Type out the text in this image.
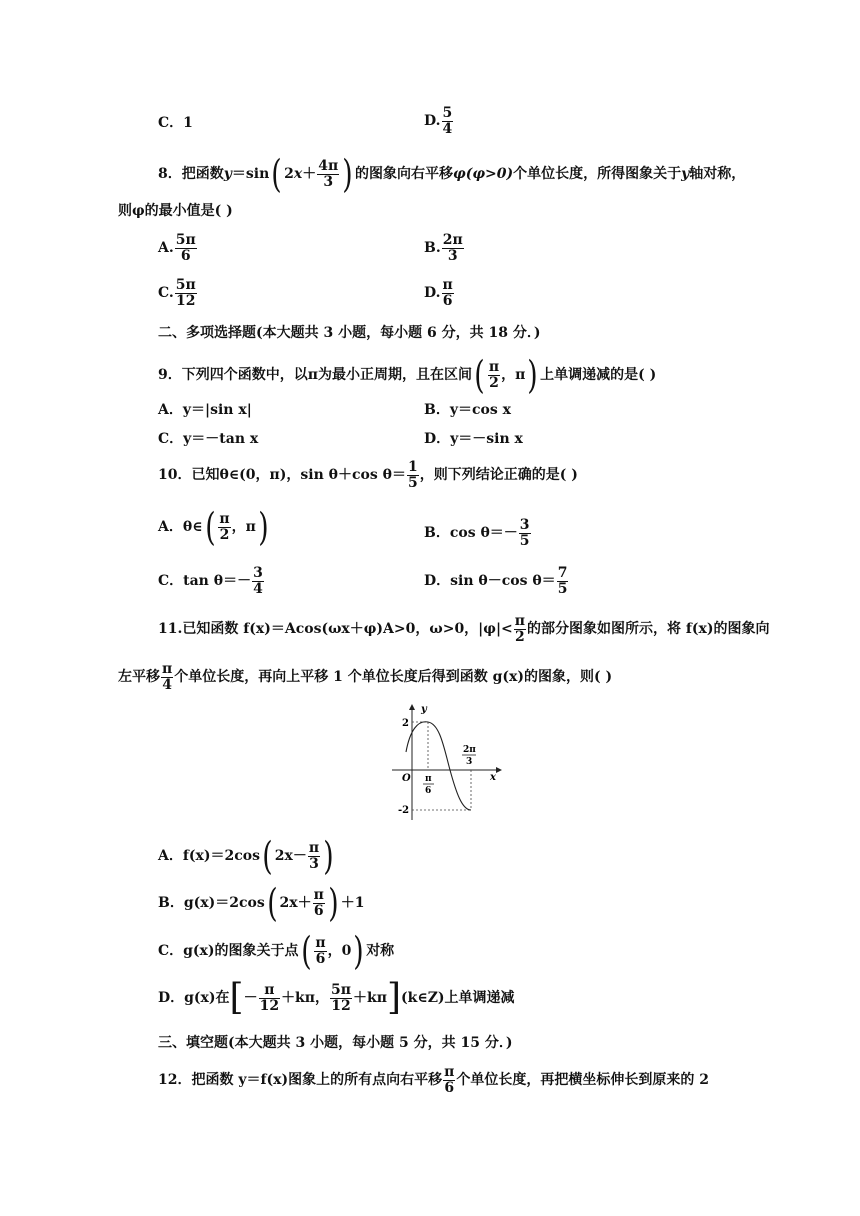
C．1	D. $\frac{5}{4}$
8．把函数y＝sin( $2x+ \frac{4\pi}{3}$ ) 的图象向右平移φ(φ>0)个单位长度，所得图象关于y轴对称，
则φ的最小值是( )
A. $\frac{5\pi}{6}$	B. $\frac{2\pi}{3}$
C. $\frac{5\pi}{12}$	D. $\frac{\pi}{6}$
二、多项选择题(本大题共 3 小题，每小题 6 分，共 18 分．)
9．下列四个函数中，以π为最小正周期，且在区间( $\frac{\pi}{2}$ ，π) 上单调递减的是( )
A．y＝|sin x|	B．y＝cos x
C．y＝－tan x	D．y＝－sin x
10．已知θ∈(0，π)，sin θ＋cos $\theta= \frac{1}{5}$ ，则下列结论正确的是( )
A．θ∈( $\frac{\pi}{2}$ ，π)	B．$\cos \theta=- \frac{3}{5}$
C．$\tan \theta=- \frac{3}{4}$	D．sin θ－cos $\theta= \frac{7}{5}$
11.已知函数 f(x)＝Acos(ωx＋φ)A>0，ω>0，$|\varphi|< \frac{\pi}{2}$ 的部分图象如图所示，将 f(x)的图象向
左平移 $\frac{\pi}{4}$ 个单位长度，再向上平移 1 个单位长度后得到函数 g(x)的图象，则( )
y
x
O
2
-2
π
6
2π
3
A．f(x)＝2cos( $2x- \frac{\pi}{3}$ )
B．g(x)＝2cos( $2x+ \frac{\pi}{6}$ ) ＋1
C．g(x)的图象关于点( $\frac{\pi}{6}$ ，0) 对称
D．g(x)在[－ $\frac{\pi}{12} +k\pi$， $\frac{5\pi}{12}$ ＋kπ](k∈Z)上单调递减
三、填空题(本大题共 3 小题，每小题 5 分，共 15 分．)
12．把函数 y＝f(x)图象上的所有点向右平移 $\frac{\pi}{6}$ 个单位长度，再把横坐标伸长到原来的 2
